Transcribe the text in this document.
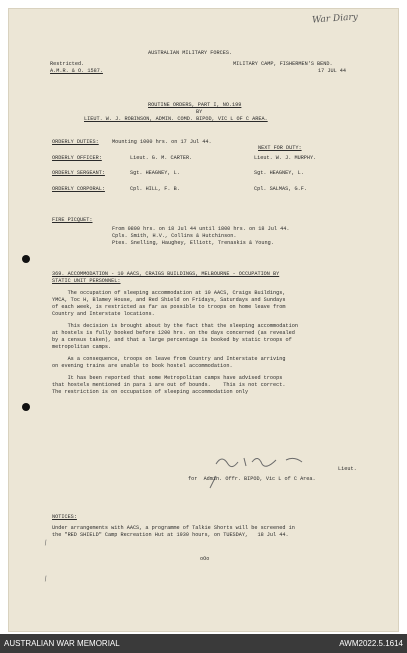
War Diary
AUSTRALIAN MILITARY FORCES.
Restricted.
A.M.R. & O. 1587.
MILITARY CAMP, FISHERMEN'S BEND.
17 JUL 44
ROUTINE ORDERS, PART I, NO.199
BY
LIEUT. W. J. ROBINSON, ADMIN. COMD. BIPOD, VIC L OF C AREA.
ORDERLY DUTIES:	Mounting 1000 hrs. on 17 Jul 44.
NEXT FOR DUTY:
ORDERLY OFFICER:	Lieut. G. M. CARTER.	Lieut. W. J. MURPHY.
ORDERLY SERGEANT:	Sgt. HEAGNEY, L.	Sgt. HEAGNEY, L.
ORDERLY CORPORAL:	Cpl. HILL, F. B.	Cpl. SALMAS, G.F.
FIRE PICQUET:
From 0800 hrs. on 18 Jul 44 until 1800 hrs. on 18 Jul 44.
Cpls. Smith, H.V., Collins & Hutchinson.
Ptes. Snelling, Haughey, Elliott, Trenaskis & Young.
369. ACCOMMODATION - 10 AACS, CRAIGS BUILDINGS, MELBOURNE - OCCUPATION BY
STATIC UNIT PERSONNEL:
The occupation of sleeping accommodation at 10 AACS, Craigs Buildings,
YMCA, Toc H, Blamey House, and Red Shield on Fridays, Saturdays and Sundays
of each week, is restricted as far as possible to troops on home leave from
Country and Interstate locations.
This decision is brought about by the fact that the sleeping accommodation
at hostels is fully booked before 1200 hrs. on the days concerned (as revealed
by a census taken), and that a large percentage is booked by static troops of
metropolitan camps.
As a consequence, troops on leave from Country and Interstate arriving
on evening trains are unable to book hostel accommodation.
It has been reported that some Metropolitan camps have advised troops
that hostels mentioned in para 1 are out of bounds.    This is not correct.
The restriction is on occupation of sleeping accommodation only
Lieut.
for  Admin. Offr. BIPOD, Vic L of C Area.
NOTICES:
Under arrangements with AACS, a programme of Talkie Shorts will be screened in
the "RED SHIELD" Camp Recreation Hut at 1930 hours, on TUESDAY,   18 Jul 44.
/
/
oOo
AUSTRALIAN WAR MEMORIAL	AWM2022.5.1614
